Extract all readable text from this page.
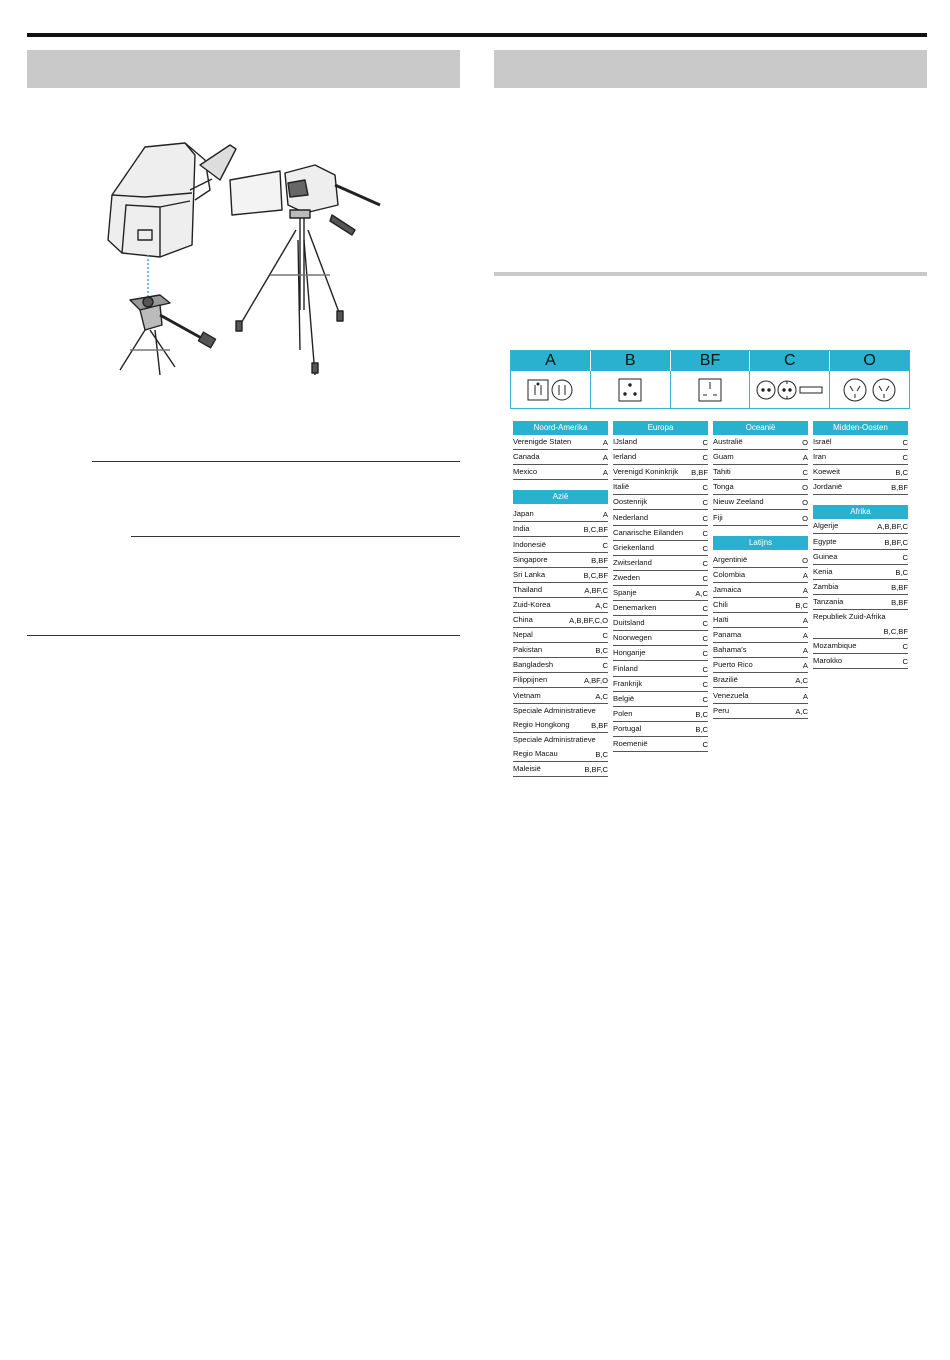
A	B	BF	C	O
Noord-Amerika
Verenigde Staten	A
Canada	A
Mexico	A
Azië
Japan	A
India	B,C,BF
Indonesië	C
Singapore	B,BF
Sri Lanka	B,C,BF
Thailand	A,BF,C
Zuid-Korea	A,C
China	A,B,BF,C,O
Nepal	C
Pakistan	B,C
Bangladesh	C
Filippijnen	A,BF,O
Vietnam	A,C
Speciale Administratieve
Regio Hongkong	B,BF
Speciale Administratieve
Regio Macau	B,C
Maleisië	B,BF,C
Europa
IJsland	C
Ierland	C
Verenigd Koninkrijk B,BF
Italië	C
Oostenrijk	C
Nederland	C
Canarische Eilanden	C
Griekenland	C
Zwitserland	C
Zweden	C
Spanje	A,C
Denemarken	C
Duitsland	C
Noorwegen	C
Hongarije	C
Finland	C
Frankrijk	C
België	C
Polen	B,C
Portugal	B,C
Roemenië	C
Oceanië
Australië	O
Guam	A
Tahiti	C
Tonga	O
Nieuw Zeeland	O
Fiji	O
Latijns
Argentinië	O
Colombia	A
Jamaica	A
Chili	B,C
Haïti	A
Panama	A
Bahama's	A
Puerto Rico	A
Brazilië	A,C
Venezuela	A
Peru	A,C
Midden-Oosten
Israël	C
Iran	C
Koeweit	B,C
Jordanië	B,BF
Afrika
Algerije	A,B,BF,C
Egypte	B,BF,C
Guinea	C
Kenia	B,C
Zambia	B,BF
Tanzania	B,BF
Republiek Zuid-Afrika
B,C,BF
Mozambique	C
Marokko	C
